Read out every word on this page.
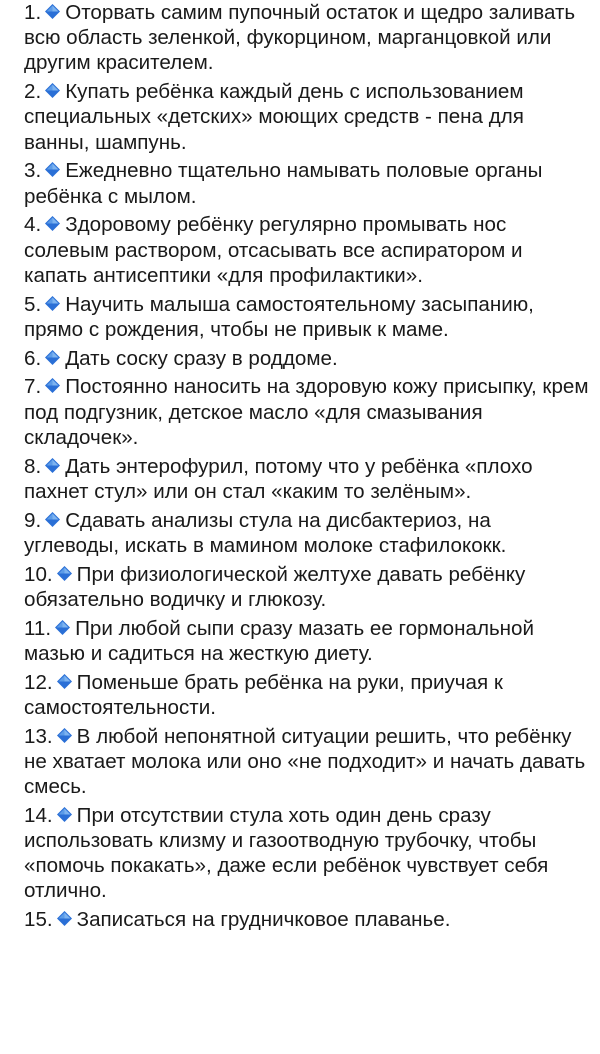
1. Оторвать самим пупочный остаток и щедро заливать всю область зеленкой, фукорцином, марганцовкой или другим красителем.

2. Купать ребёнка каждый день с использованием специальных «детских» моющих средств - пена для ванны, шампунь.

3. Ежедневно тщательно намывать половые органы ребёнка с мылом.

4. Здоровому ребёнку регулярно промывать нос солевым раствором, отсасывать все аспиратором и капать антисептики «для профилактики».

5. Научить малыша самостоятельному засыпанию, прямо с рождения, чтобы не привык к маме.

6. Дать соску сразу в роддоме.

7. Постоянно наносить на здоровую кожу присыпку, крем под подгузник, детское масло «для смазывания складочек».

8. Дать энтерофурил, потому что у ребёнка «плохо пахнет стул» или он стал «каким то зелёным».

9. Сдавать анализы стула на дисбактериоз, на углеводы, искать в мамином молоке стафилококк.

10. При физиологической желтухе давать ребёнку обязательно водичку и глюкозу.

11. При любой сыпи сразу мазать ее гормональной мазью и садиться на жесткую диету.

12. Поменьше брать ребёнка на руки, приучая к самостоятельности.

13. В любой непонятной ситуации решить, что ребёнку не хватает молока или оно «не подходит» и начать давать смесь.

14. При отсутствии стула хоть один день сразу использовать клизму и газоотводную трубочку, чтобы «помочь покакать», даже если ребёнок чувствует себя отлично.

15. Записаться на грудничковое плаванье.
